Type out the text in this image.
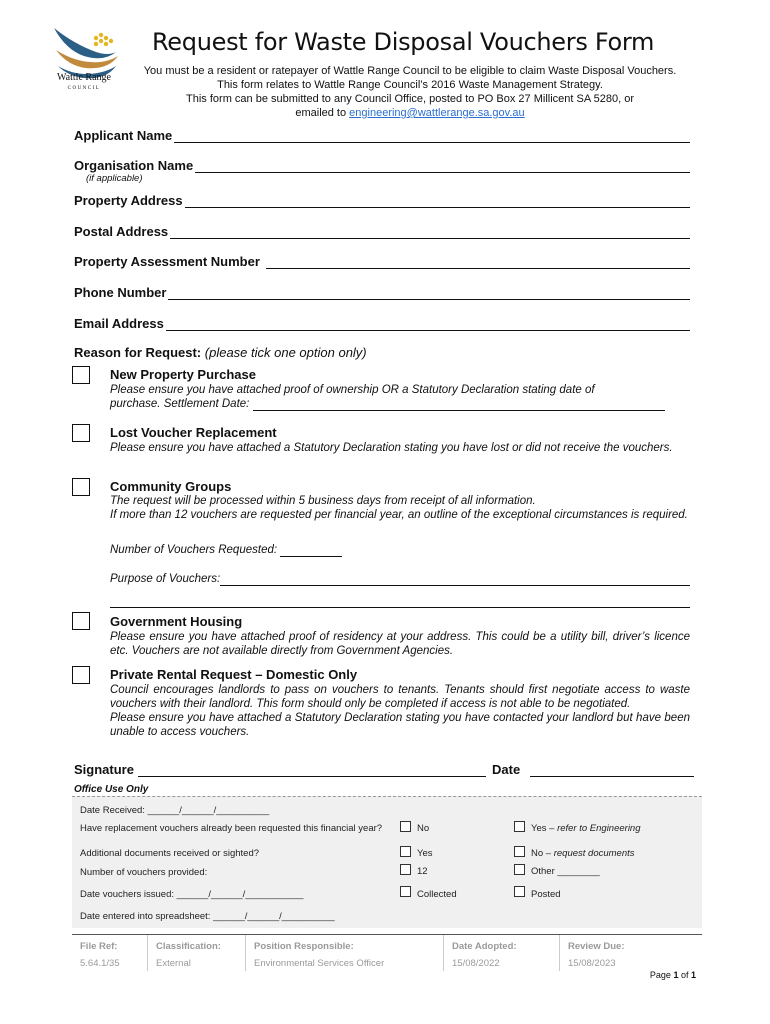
Wattle Range
COUNCIL
Request for Waste Disposal Vouchers Form
You must be a resident or ratepayer of Wattle Range Council to be eligible to claim Waste Disposal Vouchers.
This form relates to Wattle Range Council’s 2016 Waste Management Strategy.
This form can be submitted to any Council Office, posted to PO Box 27 Millicent SA 5280, or
emailed to engineering@wattlerange.sa.gov.au
Applicant Name
Organisation Name
(if applicable)
Property Address
Postal Address
Property Assessment Number
Phone Number
Email Address
Reason for Request: (please tick one option only)
New Property Purchase
Please ensure you have attached proof of ownership OR a Statutory Declaration stating date of
purchase. Settlement Date:
Lost Voucher Replacement
Please ensure you have attached a Statutory Declaration stating you have lost or did not receive the vouchers.
Community Groups
The request will be processed within 5 business days from receipt of all information.
If more than 12 vouchers are requested per financial year, an outline of the exceptional circumstances is required.
Number of Vouchers Requested:
Purpose of Vouchers:
Government Housing
Please ensure you have attached proof of residency at your address. This could be a utility bill, driver’s licence etc. Vouchers are not available directly from Government Agencies.
Private Rental Request – Domestic Only
Council encourages landlords to pass on vouchers to tenants. Tenants should first negotiate access to waste vouchers with their landlord. This form should only be completed if access is not able to be negotiated.
Please ensure you have attached a Statutory Declaration stating you have contacted your landlord but have been unable to access vouchers.
Signature	Date
Office Use Only
Date Received: ______/______/__________
Have replacement vouchers already been requested this financial year?	No	Yes – refer to Engineering
Additional documents received or sighted?	Yes	No – request documents
Number of vouchers provided:	12	Other ________
Date vouchers issued: ______/______/___________	Collected	Posted
Date entered into spreadsheet: ______/______/__________
File Ref:
5.64.1/35
Classification:
External
Position Responsible:
Environmental Services Officer
Date Adopted:
15/08/2022
Review Due:
15/08/2023
Page 1 of 1
